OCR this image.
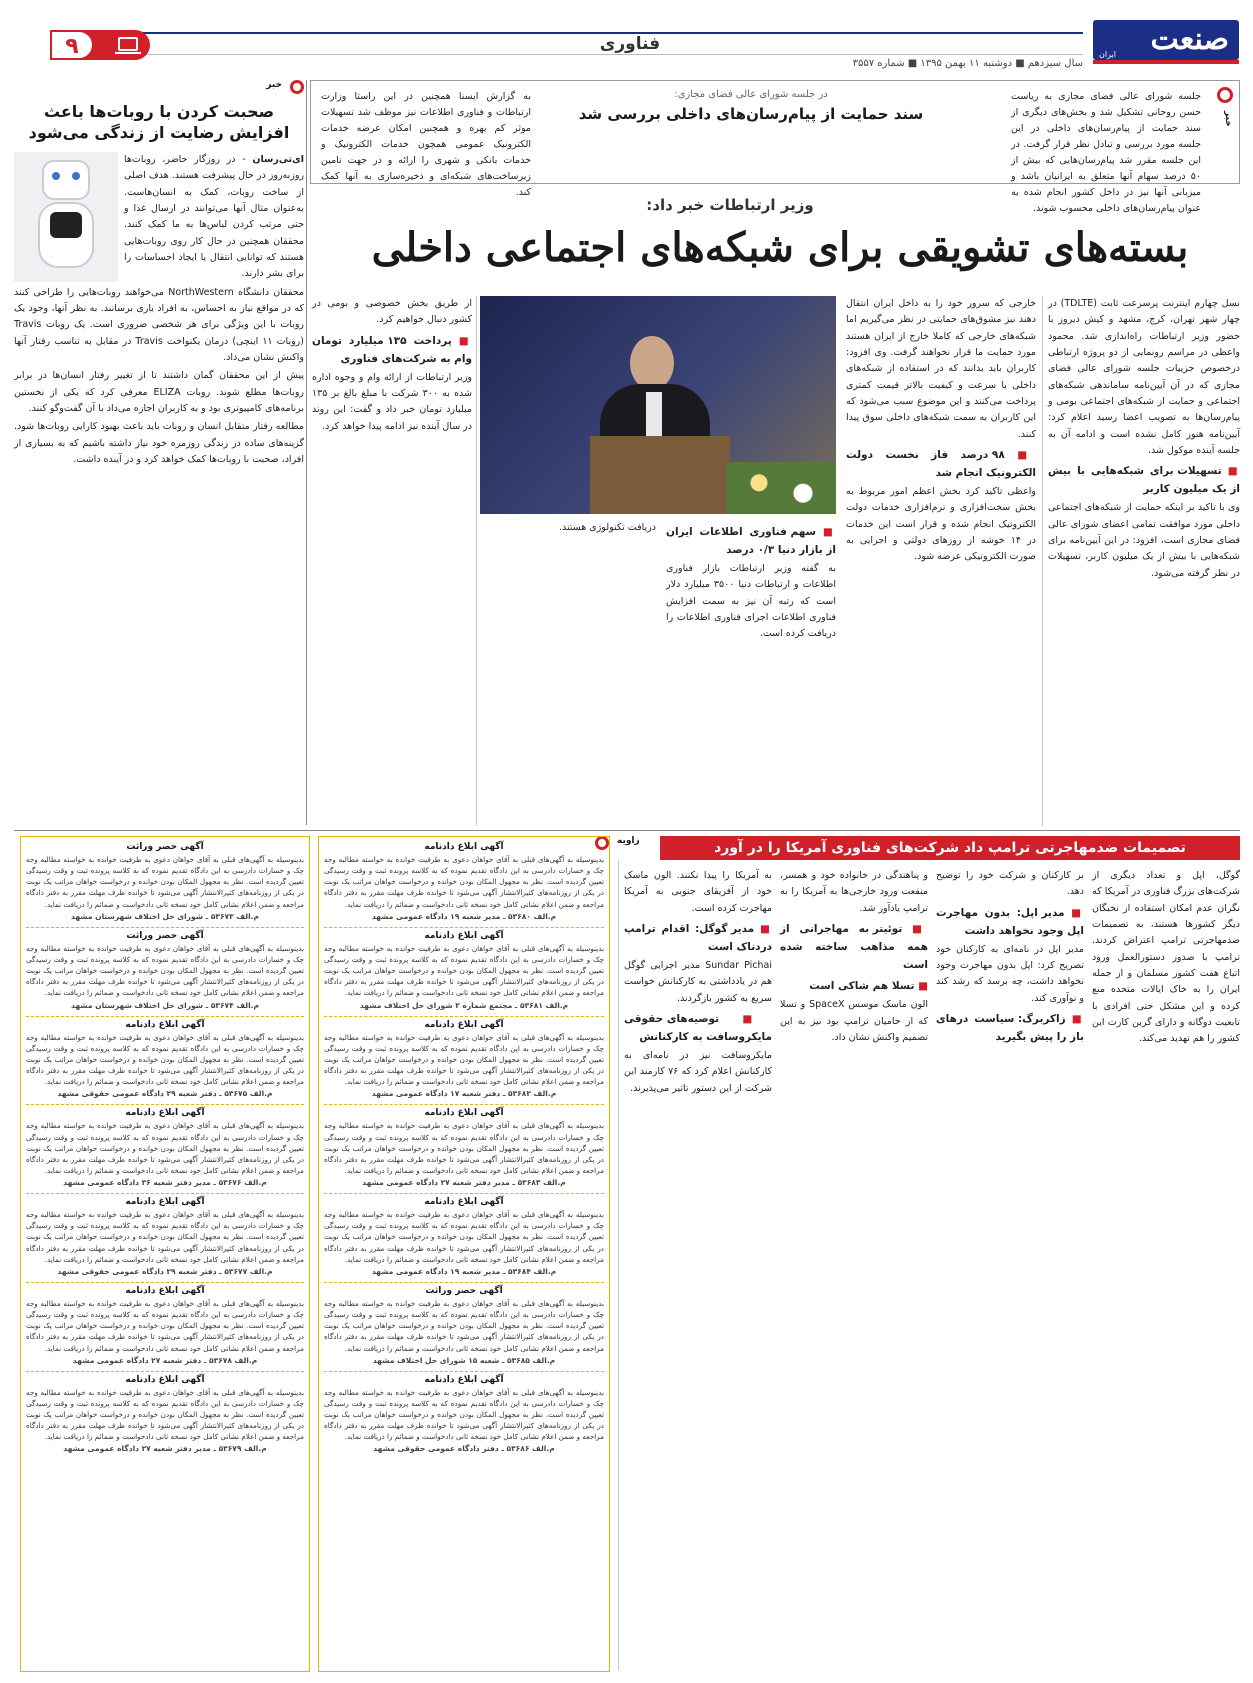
صنعت
ایران
فناوری
سال سیزدهم ■ دوشنبه ۱۱ بهمن ۱۳۹۵ ■ شماره ۳۵۵۷
۹
خبر
جلسه شورای عالی فضای مجازی به ریاست حسن روحانی تشکیل شد و بخش‌های دیگری از سند حمایت از پیام‌رسان‌های داخلی در این جلسه مورد بررسی و تبادل نظر قرار گرفت. در این جلسه مقرر شد پیام‌رسان‌هایی که بیش از ۵۰ درصد سهام آنها متعلق به ایرانیان باشد و میزبانی آنها نیز در داخل کشور انجام شده به عنوان پیام‌رسان‌های داخلی محسوب شوند.
در جلسه شورای عالی فضای مجازی:
سند حمایت از پیام‌رسان‌های داخلی بررسی شد
به گزارش ایسنا همچنین در این راستا وزارت ارتباطات و فناوری اطلاعات نیز موظف شد تسهیلات موثر کم بهره و همچنین امکان عرضه خدمات الکترونیک عمومی همچون خدمات الکترونیک و خدمات بانکی و شهری را ارائه و در جهت تامین زیرساخت‌های شبکه‌ای و ذخیره‌سازی به آنها کمک کند.
وزیر ارتباطات خبر داد:
بسته‌های تشویقی برای شبکه‌های اجتماعی داخلی

نسل چهارم اینترنت پرسرعت ثابت (TDLTE) در چهار شهر تهران، کرج، مشهد و کیش دیروز با حضور وزیر ارتباطات راه‌اندازی شد. محمود واعظی در مراسم رونمایی از دو پروژه ارتباطی درخصوص جزییات جلسه شورای عالی فضای مجازی که در آن آیین‌نامه ساماندهی شبکه‌های اجتماعی و حمایت از شبکه‌های اجتماعی بومی و پیام‌رسان‌ها به تصویب اعضا رسید اعلام کرد: آیین‌نامه هنوز کامل نشده است و ادامه آن به جلسه آینده موکول شد.

■ تسهیلات برای شبکه‌هایی با بیش از یک میلیون کاربر

وی با تاکید بر اینکه حمایت از شبکه‌های اجتماعی داخلی مورد موافقت تمامی اعضای شورای عالی فضای مجازی است، افزود: در این آیین‌نامه برای شبکه‌هایی با بیش از یک میلیون کاربر، تسهیلات در نظر گرفته می‌شود.

خارجی که سرور خود را به داخل ایران انتقال دهند نیز مشوق‌های حمایتی در نظر می‌گیریم اما شبکه‌های خارجی که کاملا خارج از ایران هستند مورد حمایت ما قرار نخواهند گرفت. وی افزود: کاربران باید بدانند که در استفاده از شبکه‌های داخلی با سرعت و کیفیت بالاتر قیمت کمتری پرداخت می‌کنند و این موضوع سبب می‌شود که این کاربران به سمت شبکه‌های داخلی سوق پیدا کنند.

■ ۹۸ درصد فاز نخست دولت الکترونیک انجام شد

واعظی تاکید کرد بخش اعظم امور مربوط به بخش سخت‌افزاری و نرم‌افزاری خدمات دولت الکترونیک انجام شده و قرار است این خدمات در ۱۴ خوشه از روزهای دولتی و اجرایی به صورت الکترونیکی عرضه شود.

■ سهم فناوری اطلاعات ایران از بازار دنیا ۰/۳ درصد

به گفته وزیر ارتباطات بازار فناوری اطلاعات و ارتباطات دنیا ۳۵۰۰ میلیارد دلار است که رتبه آن نیز به سمت افزایش فناوری اطلاعات اجرای فناوری اطلاعات را دریافت کرده است.

دریافت تکنولوژی هستند.

از طریق بخش خصوصی و بومی در کشور دنبال خواهیم کرد.

■ پرداخت ۱۳۵ میلیارد تومان وام به شرکت‌های فناوری

وزیر ارتباطات از ارائه وام و وجوه اداره شده به ۳۰۰ شرکت با مبلغ بالغ بر ۱۳۵ میلیارد تومان خبر داد و گفت: این روند در سال آینده نیز ادامه پیدا خواهد کرد.

خبر
صحبت کردن با روبات‌ها باعث افزایش رضایت از زندگی می‌شود

ای‌تی‌رسان - در روزگار حاضر، روبات‌ها روزبه‌روز در حال پیشرفت هستند. هدف اصلی از ساخت روبات، کمک به انسان‌هاست. به‌عنوان مثال آنها می‌توانند در ارسال غذا و حتی مرتب کردن لباس‌ها به ما کمک کنند. محققان همچنین در حال کار روی روبات‌هایی هستند که توانایی انتقال یا ایجاد احساسات را برای بشر دارند.

محققان دانشگاه NorthWestern می‌خواهند روبات‌هایی را طراحی کنند که در مواقع نیاز به احساس، به افراد یاری برسانند. به نظر آنها، وجود یک روبات با این ویژگی برای هر شخصی ضروری است. یک روبات Travis (روبات ۱۱ اینچی) درمان یکنواخت Travis در مقابل به تناسب رفتار آنها واکنش نشان می‌داد.

پیش از این محققان گمان داشتند تا از تغییر رفتار انسان‌ها در برابر روبات‌ها مطلع شوند. روبات ELIZA معرفی کرد که یکی از نخستین برنامه‌های کامپیوتری بود و به کاربران اجازه می‌داد با آن گفت‌وگو کنند.

مطالعه رفتار متقابل انسان و روبات باید باعث بهبود کارایی روبات‌ها شود. گزینه‌های ساده در زندگی روزمره خود نیاز داشته باشیم که به بسیاری از افراد، صحبت با روبات‌ها کمک خواهد کرد و در آینده داشت.

زاویه	تصمیمات ضدمهاجرتی ترامپ داد شرکت‌های فناوری آمریکا را در آورد

گوگل، اپل و تعداد دیگری از شرکت‌های بزرگ فناوری در آمریکا که نگران عدم امکان استفاده از نخبگان دیگر کشورها هستند، به تصمیمات ضدمهاجرتی ترامپ اعتراض کردند. ترامپ با صدور دستورالعمل ورود اتباع هفت کشور مسلمان و از جمله ایران را به خاک ایالات متحده منع کرده و این مشکل حتی افرادی با تابعیت دوگانه و دارای گرین کارت این کشور را هم تهدید می‌کند.

بر کارکنان و شرکت خود را توضیح دهد.

■ مدیر اپل: بدون مهاجرت اپل وجود نخواهد داشت

مدیر اپل در نامه‌ای به کارکنان خود تصریح کرد: اپل بدون مهاجرت وجود نخواهد داشت، چه برسد که رشد کند و نوآوری کند.

■ زاکربرگ: سیاست درهای باز را پیش بگیرید

و پناهندگی در خانواده خود و همسر، منفعت ورود خارجی‌ها به آمریکا را به ترامپ یادآور شد.

■ توئیتر به مهاجرانی از همه مذاهب ساخته شده است
■ تسلا هم شاکی است

الون ماسک موسس SpaceX و تسلا که از حامیان ترامپ بود نیز به این تصمیم واکنش نشان داد.

به آمریکا را پیدا نکنند. الون ماسک خود از آفریقای جنوبی به آمریکا مهاجرت کرده است.

■ مدیر گوگل: اقدام ترامپ دردناک است

Sundar Pichai مدیر اجرایی گوگل هم در یادداشتی به کارکنانش خواست سریع به کشور بازگردند.

■ توصیه‌های حقوقی مایکروسافت به کارکنانش

مایکروسافت نیز در نامه‌ای به کارکنانش اعلام کرد که ۷۶ کارمند این شرکت از این دستور تاثیر می‌پذیرند.

آگهی حصر وراثت
بدینوسیله به آگهی‌های قبلی به آقای خواهان دعوی به طرفیت خوانده به خواسته مطالبه وجه چک و خسارات دادرسی به این دادگاه تقدیم نموده که به کلاسه پرونده ثبت و وقت رسیدگی تعیین گردیده است. نظر به مجهول المکان بودن خوانده و درخواست خواهان مراتب یک نوبت در یکی از روزنامه‌های کثیرالانتشار آگهی می‌شود تا خوانده ظرف مهلت مقرر به دفتر دادگاه مراجعه و ضمن اعلام نشانی کامل خود نسخه ثانی دادخواست و ضمائم را دریافت نماید.
م.الف ۵۳۶۷۳ ـ شورای حل اختلاف شهرستان مشهد
آگهی حصر وراثت
بدینوسیله به آگهی‌های قبلی به آقای خواهان دعوی به طرفیت خوانده به خواسته مطالبه وجه چک و خسارات دادرسی به این دادگاه تقدیم نموده که به کلاسه پرونده ثبت و وقت رسیدگی تعیین گردیده است. نظر به مجهول المکان بودن خوانده و درخواست خواهان مراتب یک نوبت در یکی از روزنامه‌های کثیرالانتشار آگهی می‌شود تا خوانده ظرف مهلت مقرر به دفتر دادگاه مراجعه و ضمن اعلام نشانی کامل خود نسخه ثانی دادخواست و ضمائم را دریافت نماید.
م.الف ۵۳۶۷۴ ـ شورای حل اختلاف شهرستان مشهد
آگهی ابلاغ دادنامه
بدینوسیله به آگهی‌های قبلی به آقای خواهان دعوی به طرفیت خوانده به خواسته مطالبه وجه چک و خسارات دادرسی به این دادگاه تقدیم نموده که به کلاسه پرونده ثبت و وقت رسیدگی تعیین گردیده است. نظر به مجهول المکان بودن خوانده و درخواست خواهان مراتب یک نوبت در یکی از روزنامه‌های کثیرالانتشار آگهی می‌شود تا خوانده ظرف مهلت مقرر به دفتر دادگاه مراجعه و ضمن اعلام نشانی کامل خود نسخه ثانی دادخواست و ضمائم را دریافت نماید.
م.الف ۵۳۶۷۵ ـ دفتر شعبه ۲۹ دادگاه عمومی حقوقی مشهد
آگهی ابلاغ دادنامه
بدینوسیله به آگهی‌های قبلی به آقای خواهان دعوی به طرفیت خوانده به خواسته مطالبه وجه چک و خسارات دادرسی به این دادگاه تقدیم نموده که به کلاسه پرونده ثبت و وقت رسیدگی تعیین گردیده است. نظر به مجهول المکان بودن خوانده و درخواست خواهان مراتب یک نوبت در یکی از روزنامه‌های کثیرالانتشار آگهی می‌شود تا خوانده ظرف مهلت مقرر به دفتر دادگاه مراجعه و ضمن اعلام نشانی کامل خود نسخه ثانی دادخواست و ضمائم را دریافت نماید.
م.الف ۵۳۶۷۶ ـ مدیر دفتر شعبه ۳۶ دادگاه عمومی مشهد
آگهی ابلاغ دادنامه
بدینوسیله به آگهی‌های قبلی به آقای خواهان دعوی به طرفیت خوانده به خواسته مطالبه وجه چک و خسارات دادرسی به این دادگاه تقدیم نموده که به کلاسه پرونده ثبت و وقت رسیدگی تعیین گردیده است. نظر به مجهول المکان بودن خوانده و درخواست خواهان مراتب یک نوبت در یکی از روزنامه‌های کثیرالانتشار آگهی می‌شود تا خوانده ظرف مهلت مقرر به دفتر دادگاه مراجعه و ضمن اعلام نشانی کامل خود نسخه ثانی دادخواست و ضمائم را دریافت نماید.
م.الف ۵۳۶۷۷ ـ دفتر شعبه ۲۹ دادگاه عمومی حقوقی مشهد
آگهی ابلاغ دادنامه
بدینوسیله به آگهی‌های قبلی به آقای خواهان دعوی به طرفیت خوانده به خواسته مطالبه وجه چک و خسارات دادرسی به این دادگاه تقدیم نموده که به کلاسه پرونده ثبت و وقت رسیدگی تعیین گردیده است. نظر به مجهول المکان بودن خوانده و درخواست خواهان مراتب یک نوبت در یکی از روزنامه‌های کثیرالانتشار آگهی می‌شود تا خوانده ظرف مهلت مقرر به دفتر دادگاه مراجعه و ضمن اعلام نشانی کامل خود نسخه ثانی دادخواست و ضمائم را دریافت نماید.
م.الف ۵۳۶۷۸ ـ دفتر شعبه ۲۷ دادگاه عمومی مشهد
آگهی ابلاغ دادنامه
بدینوسیله به آگهی‌های قبلی به آقای خواهان دعوی به طرفیت خوانده به خواسته مطالبه وجه چک و خسارات دادرسی به این دادگاه تقدیم نموده که به کلاسه پرونده ثبت و وقت رسیدگی تعیین گردیده است. نظر به مجهول المکان بودن خوانده و درخواست خواهان مراتب یک نوبت در یکی از روزنامه‌های کثیرالانتشار آگهی می‌شود تا خوانده ظرف مهلت مقرر به دفتر دادگاه مراجعه و ضمن اعلام نشانی کامل خود نسخه ثانی دادخواست و ضمائم را دریافت نماید.
م.الف ۵۳۶۷۹ ـ مدیر دفتر شعبه ۲۷ دادگاه عمومی مشهد
آگهی ابلاغ دادنامه
بدینوسیله به آگهی‌های قبلی به آقای خواهان دعوی به طرفیت خوانده به خواسته مطالبه وجه چک و خسارات دادرسی به این دادگاه تقدیم نموده که به کلاسه پرونده ثبت و وقت رسیدگی تعیین گردیده است. نظر به مجهول المکان بودن خوانده و درخواست خواهان مراتب یک نوبت در یکی از روزنامه‌های کثیرالانتشار آگهی می‌شود تا خوانده ظرف مهلت مقرر به دفتر دادگاه مراجعه و ضمن اعلام نشانی کامل خود نسخه ثانی دادخواست و ضمائم را دریافت نماید.
م.الف ۵۳۶۸۰ ـ مدیر شعبه ۱۹ دادگاه عمومی مشهد
آگهی ابلاغ دادنامه
بدینوسیله به آگهی‌های قبلی به آقای خواهان دعوی به طرفیت خوانده به خواسته مطالبه وجه چک و خسارات دادرسی به این دادگاه تقدیم نموده که به کلاسه پرونده ثبت و وقت رسیدگی تعیین گردیده است. نظر به مجهول المکان بودن خوانده و درخواست خواهان مراتب یک نوبت در یکی از روزنامه‌های کثیرالانتشار آگهی می‌شود تا خوانده ظرف مهلت مقرر به دفتر دادگاه مراجعه و ضمن اعلام نشانی کامل خود نسخه ثانی دادخواست و ضمائم را دریافت نماید.
م.الف ۵۳۶۸۱ ـ مجتمع شماره ۲ شورای حل اختلاف مشهد
آگهی ابلاغ دادنامه
بدینوسیله به آگهی‌های قبلی به آقای خواهان دعوی به طرفیت خوانده به خواسته مطالبه وجه چک و خسارات دادرسی به این دادگاه تقدیم نموده که به کلاسه پرونده ثبت و وقت رسیدگی تعیین گردیده است. نظر به مجهول المکان بودن خوانده و درخواست خواهان مراتب یک نوبت در یکی از روزنامه‌های کثیرالانتشار آگهی می‌شود تا خوانده ظرف مهلت مقرر به دفتر دادگاه مراجعه و ضمن اعلام نشانی کامل خود نسخه ثانی دادخواست و ضمائم را دریافت نماید.
م.الف ۵۳۶۸۲ ـ دفتر شعبه ۱۷ دادگاه عمومی مشهد
آگهی ابلاغ دادنامه
بدینوسیله به آگهی‌های قبلی به آقای خواهان دعوی به طرفیت خوانده به خواسته مطالبه وجه چک و خسارات دادرسی به این دادگاه تقدیم نموده که به کلاسه پرونده ثبت و وقت رسیدگی تعیین گردیده است. نظر به مجهول المکان بودن خوانده و درخواست خواهان مراتب یک نوبت در یکی از روزنامه‌های کثیرالانتشار آگهی می‌شود تا خوانده ظرف مهلت مقرر به دفتر دادگاه مراجعه و ضمن اعلام نشانی کامل خود نسخه ثانی دادخواست و ضمائم را دریافت نماید.
م.الف ۵۳۶۸۳ ـ مدیر دفتر شعبه ۲۷ دادگاه عمومی مشهد
آگهی ابلاغ دادنامه
بدینوسیله به آگهی‌های قبلی به آقای خواهان دعوی به طرفیت خوانده به خواسته مطالبه وجه چک و خسارات دادرسی به این دادگاه تقدیم نموده که به کلاسه پرونده ثبت و وقت رسیدگی تعیین گردیده است. نظر به مجهول المکان بودن خوانده و درخواست خواهان مراتب یک نوبت در یکی از روزنامه‌های کثیرالانتشار آگهی می‌شود تا خوانده ظرف مهلت مقرر به دفتر دادگاه مراجعه و ضمن اعلام نشانی کامل خود نسخه ثانی دادخواست و ضمائم را دریافت نماید.
م.الف ۵۳۶۸۴ ـ مدیر شعبه ۱۹ دادگاه عمومی مشهد
آگهی حصر وراثت
بدینوسیله به آگهی‌های قبلی به آقای خواهان دعوی به طرفیت خوانده به خواسته مطالبه وجه چک و خسارات دادرسی به این دادگاه تقدیم نموده که به کلاسه پرونده ثبت و وقت رسیدگی تعیین گردیده است. نظر به مجهول المکان بودن خوانده و درخواست خواهان مراتب یک نوبت در یکی از روزنامه‌های کثیرالانتشار آگهی می‌شود تا خوانده ظرف مهلت مقرر به دفتر دادگاه مراجعه و ضمن اعلام نشانی کامل خود نسخه ثانی دادخواست و ضمائم را دریافت نماید.
م.الف ۵۳۶۸۵ ـ شعبه ۱۵ شورای حل اختلاف مشهد
آگهی ابلاغ دادنامه
بدینوسیله به آگهی‌های قبلی به آقای خواهان دعوی به طرفیت خوانده به خواسته مطالبه وجه چک و خسارات دادرسی به این دادگاه تقدیم نموده که به کلاسه پرونده ثبت و وقت رسیدگی تعیین گردیده است. نظر به مجهول المکان بودن خوانده و درخواست خواهان مراتب یک نوبت در یکی از روزنامه‌های کثیرالانتشار آگهی می‌شود تا خوانده ظرف مهلت مقرر به دفتر دادگاه مراجعه و ضمن اعلام نشانی کامل خود نسخه ثانی دادخواست و ضمائم را دریافت نماید.
م.الف ۵۳۶۸۶ ـ دفتر دادگاه عمومی حقوقی مشهد
